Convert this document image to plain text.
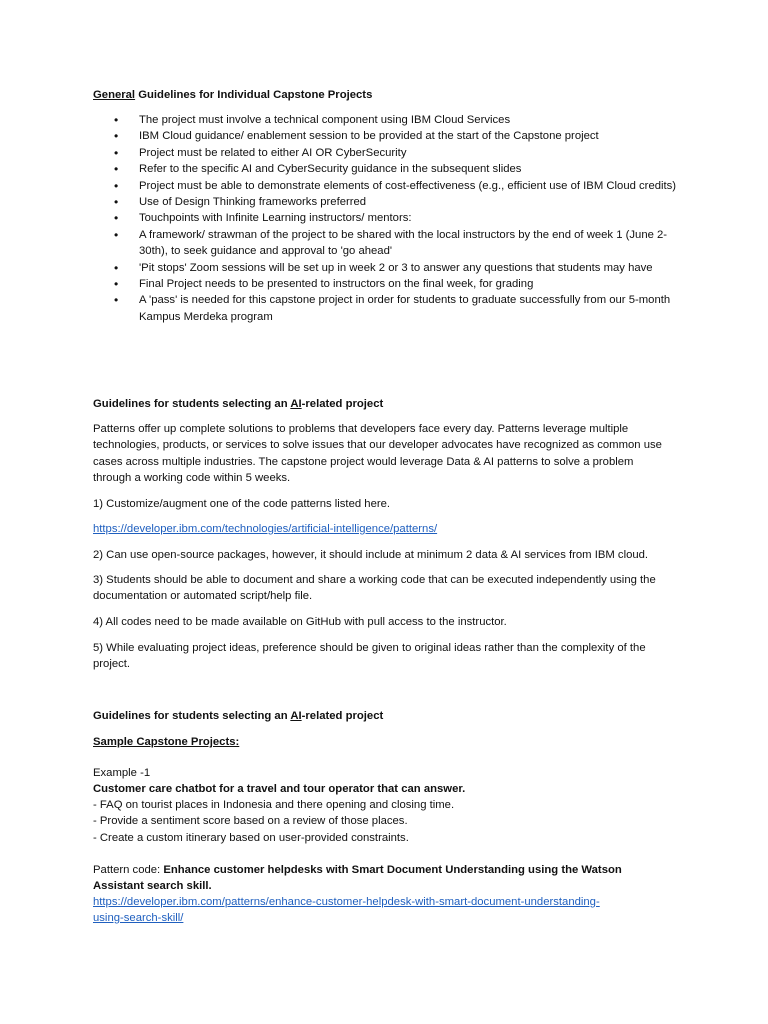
General Guidelines for Individual Capstone Projects
• The project must involve a technical component using IBM Cloud Services
• IBM Cloud guidance/ enablement session to be provided at the start of the Capstone project
• Project must be related to either AI OR CyberSecurity
• Refer to the specific AI and CyberSecurity guidance in the subsequent slides
• Project must be able to demonstrate elements of cost-effectiveness (e.g., efficient use of IBM Cloud credits)
• Use of Design Thinking frameworks preferred
• Touchpoints with Infinite Learning instructors/ mentors:
• A framework/ strawman of the project to be shared with the local instructors by the end of week 1 (June 2-30th), to seek guidance and approval to 'go ahead'
• 'Pit stops' Zoom sessions will be set up in week 2 or 3 to answer any questions that students may have
• Final Project needs to be presented to instructors on the final week, for grading
• A 'pass' is needed for this capstone project in order for students to graduate successfully from our 5-month Kampus Merdeka program
Guidelines for students selecting an AI-related project

Patterns offer up complete solutions to problems that developers face every day. Patterns leverage multiple technologies, products, or services to solve issues that our developer advocates have recognized as common use cases across multiple industries. The capstone project would leverage Data & AI patterns to solve a problem through a working code within 5 weeks.

1) Customize/augment one of the code patterns listed here.

https://developer.ibm.com/technologies/artificial-intelligence/patterns/

2) Can use open-source packages, however, it should include at minimum 2 data & AI services from IBM cloud.

3) Students should be able to document and share a working code that can be executed independently using the documentation or automated script/help file.

4) All codes need to be made available on GitHub with pull access to the instructor.

5) While evaluating project ideas, preference should be given to original ideas rather than the complexity of the project.

Guidelines for students selecting an AI-related project
Sample Capstone Projects:

Example -1

Customer care chatbot for a travel and tour operator that can answer.

- FAQ on tourist places in Indonesia and there opening and closing time.

- Provide a sentiment score based on a review of those places.

- Create a custom itinerary based on user-provided constraints.

Pattern code: Enhance customer helpdesks with Smart Document Understanding using the Watson Assistant search skill.

https://developer.ibm.com/patterns/enhance-customer-helpdesk-with-smart-document-understanding-
using-search-skill/
